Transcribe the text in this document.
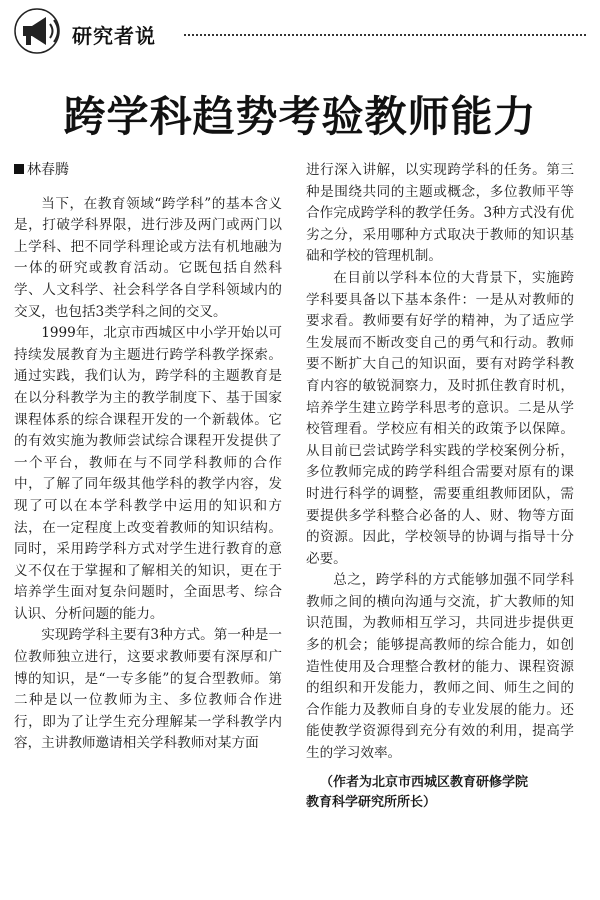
研究者说
跨学科趋势考验教师能力
林春腾

当下，在教育领域“跨学科”的基本含义是，打破学科界限，进行涉及两门或两门以上学科、把不同学科理论或方法有机地融为一体的研究或教育活动。它既包括自然科学、人文科学、社会科学各自学科领域内的交叉，也包括3类学科之间的交叉。

1999年，北京市西城区中小学开始以可持续发展教育为主题进行跨学科教学探索。通过实践，我们认为，跨学科的主题教育是在以分科教学为主的教学制度下、基于国家课程体系的综合课程开发的一个新载体。它的有效实施为教师尝试综合课程开发提供了一个平台，教师在与不同学科教师的合作中，了解了同年级其他学科的教学内容，发现了可以在本学科教学中运用的知识和方法，在一定程度上改变着教师的知识结构。同时，采用跨学科方式对学生进行教育的意义不仅在于掌握和了解相关的知识，更在于培养学生面对复杂问题时，全面思考、综合认识、分析问题的能力。

实现跨学科主要有3种方式。第一种是一位教师独立进行，这要求教师要有深厚和广博的知识，是“一专多能”的复合型教师。第二种是以一位教师为主、多位教师合作进行，即为了让学生充分理解某一学科教学内容，主讲教师邀请相关学科教师对某方面

进行深入讲解，以实现跨学科的任务。第三种是围绕共同的主题或概念，多位教师平等合作完成跨学科的教学任务。3种方式没有优劣之分，采用哪种方式取决于教师的知识基础和学校的管理机制。

在目前以学科本位的大背景下，实施跨学科要具备以下基本条件：一是从对教师的要求看。教师要有好学的精神，为了适应学生发展而不断改变自己的勇气和行动。教师要不断扩大自己的知识面，要有对跨学科教育内容的敏锐洞察力，及时抓住教育时机，培养学生建立跨学科思考的意识。二是从学校管理看。学校应有相关的政策予以保障。从目前已尝试跨学科实践的学校案例分析，多位教师完成的跨学科组合需要对原有的课时进行科学的调整，需要重组教师团队，需要提供多学科整合必备的人、财、物等方面的资源。因此，学校领导的协调与指导十分必要。

总之，跨学科的方式能够加强不同学科教师之间的横向沟通与交流，扩大教师的知识范围，为教师相互学习，共同进步提供更多的机会；能够提高教师的综合能力，如创造性使用及合理整合教材的能力、课程资源的组织和开发能力，教师之间、师生之间的合作能力及教师自身的专业发展的能力。还能使教学资源得到充分有效的利用，提高学生的学习效率。

（作者为北京市西城区教育研修学院
教育科学研究所所长）
